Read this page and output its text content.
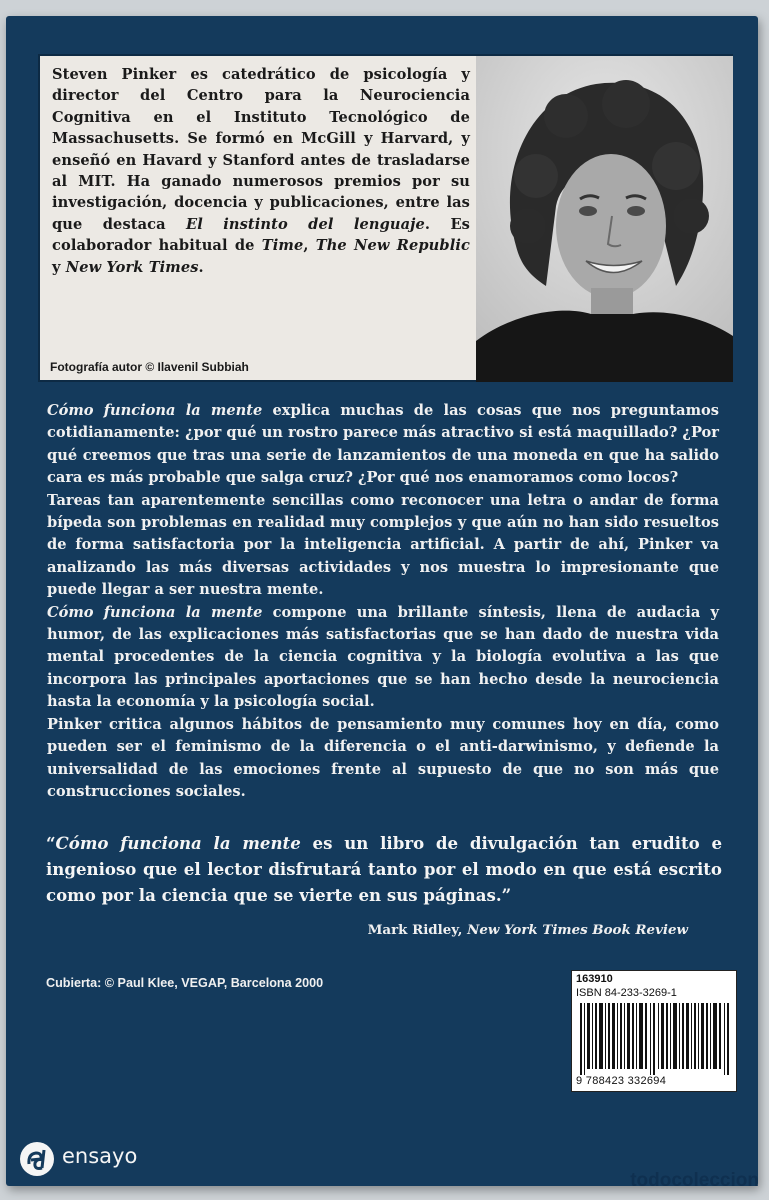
Steven Pinker es catedrático de psicología y director del Centro para la Neurociencia Cognitiva en el Instituto Tecnológico de Massachusetts. Se formó en McGill y Harvard, y enseñó en Havard y Stanford antes de trasladarse al MIT. Ha ganado numerosos premios por su investigación, docencia y publicaciones, entre las que destaca El instinto del lenguaje. Es colaborador habitual de Time, The New Republic y New York Times.
Fotografía autor © Ilavenil Subbiah

Cómo funciona la mente explica muchas de las cosas que nos preguntamos cotidianamente: ¿por qué un rostro parece más atractivo si está maquillado? ¿Por qué creemos que tras una serie de lanzamientos de una moneda en que ha salido cara es más probable que salga cruz? ¿Por qué nos enamoramos como locos?

Tareas tan aparentemente sencillas como reconocer una letra o andar de forma bípeda son problemas en realidad muy complejos y que aún no han sido resueltos de forma satisfactoria por la inteligencia artificial. A partir de ahí, Pinker va analizando las más diversas actividades y nos muestra lo impresionante que puede llegar a ser nuestra mente.

Cómo funciona la mente compone una brillante síntesis, llena de audacia y humor, de las explicaciones más satisfactorias que se han dado de nuestra vida mental procedentes de la ciencia cognitiva y la biología evolutiva a las que incorpora las principales aportaciones que se han hecho desde la neurociencia hasta la economía y la psicología social.

Pinker critica algunos hábitos de pensamiento muy comunes hoy en día, como pueden ser el feminismo de la diferencia o el anti-darwinismo, y defiende la universalidad de las emociones frente al supuesto de que no son más que construcciones sociales.

“Cómo funciona la mente es un libro de divulgación tan erudito e ingenioso que el lector disfrutará tanto por el modo en que está escrito como por la ciencia que se vierte en sus páginas.”
Mark Ridley, New York Times Book Review
Cubierta: © Paul Klee, VEGAP, Barcelona 2000	163910
ISBN 84-233-3269-1
9 788423 332694
ensayo
todocoleccion
